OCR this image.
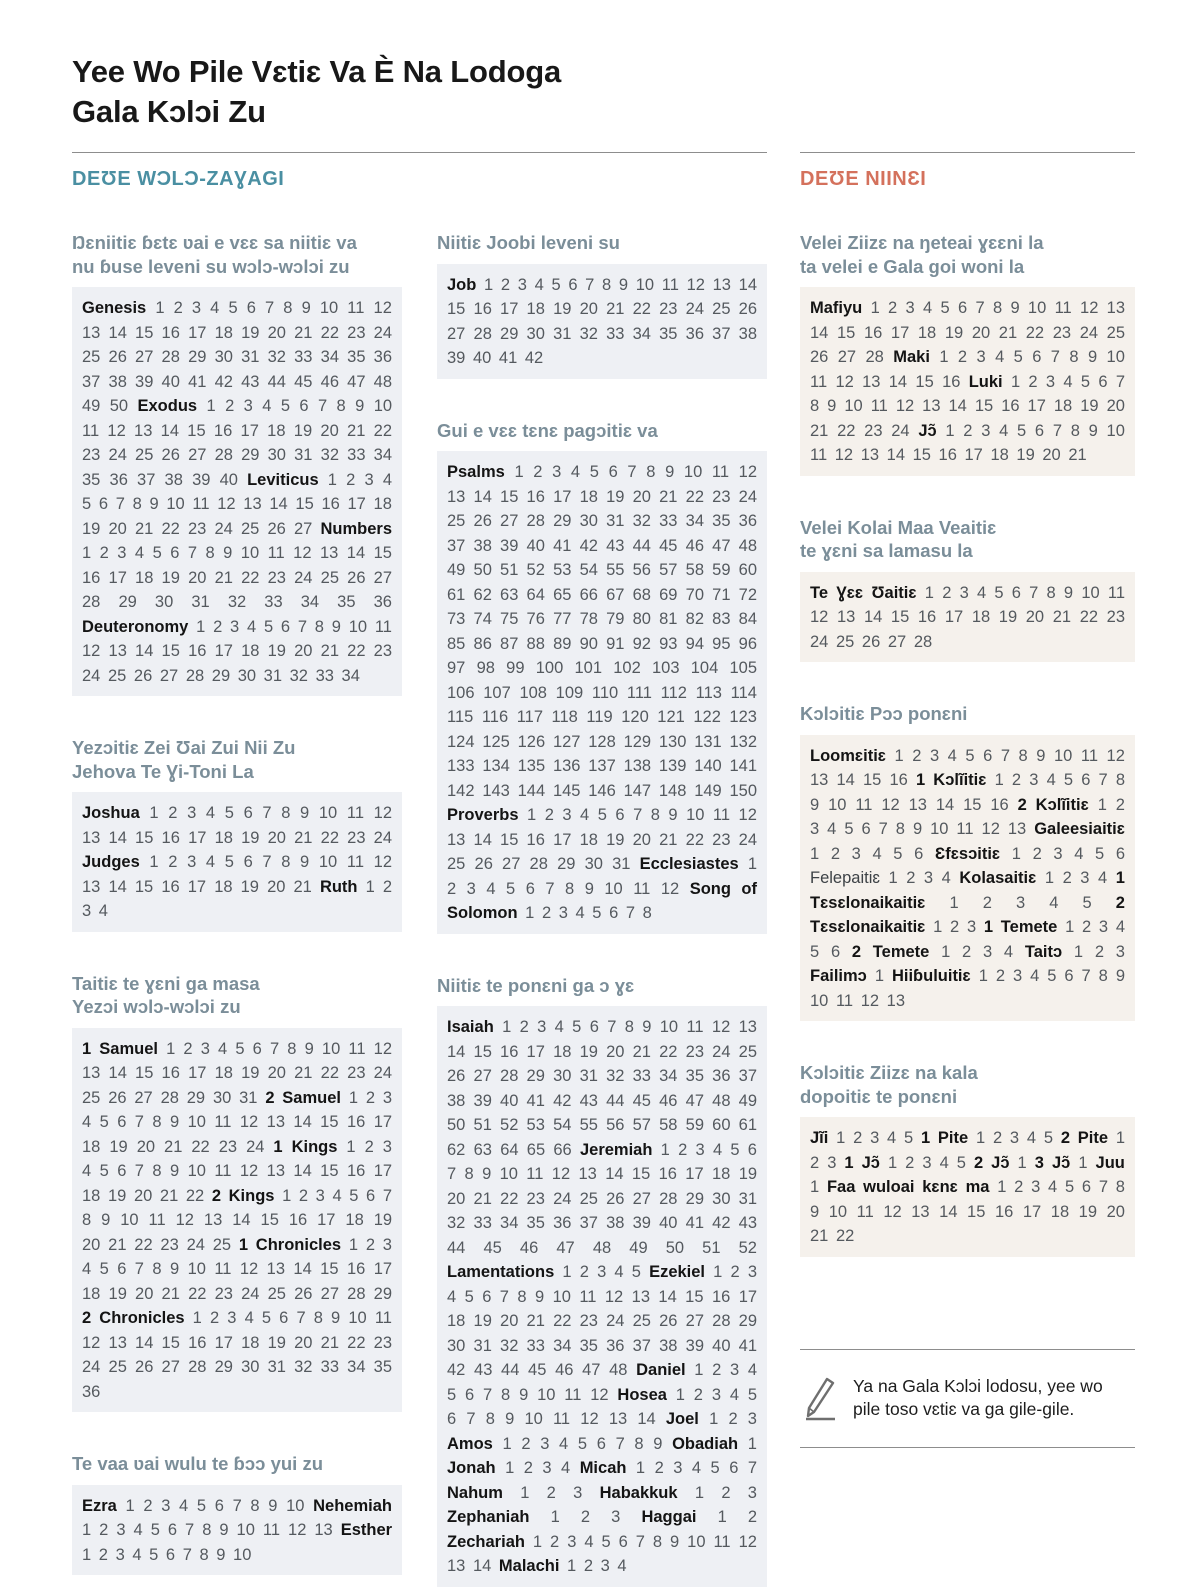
Yee Wo Pile Vɛtiɛ Va È Na Lodoga
Gala Kɔlɔi Zu
DEƱE WƆLƆ-ZAƔAGI
Ŋɛniitiɛ ɓɛtɛ ʋai e vɛɛ sa niitiɛ va
nu ɓuse leveni su wɔlɔ-wɔlɔi zu

Genesis 1 2 3 4 5 6 7 8 9 10 11 12 13 14 15 16 17 18 19 20 21 22 23 24 25 26 27 28 29 30 31 32 33 34 35 36 37 38 39 40 41 42 43 44 45 46 47 48 49 50 Exodus 1 2 3 4 5 6 7 8 9 10 11 12 13 14 15 16 17 18 19 20 21 22 23 24 25 26 27 28 29 30 31 32 33 34 35 36 37 38 39 40 Leviticus 1 2 3 4 5 6 7 8 9 10 11 12 13 14 15 16 17 18 19 20 21 22 23 24 25 26 27 Numbers 1 2 3 4 5 6 7 8 9 10 11 12 13 14 15 16 17 18 19 20 21 22 23 24 25 26 27 28 29 30 31 32 33 34 35 36 Deuteronomy 1 2 3 4 5 6 7 8 9 10 11 12 13 14 15 16 17 18 19 20 21 22 23 24 25 26 27 28 29 30 31 32 33 34

Yezɔitiɛ Zei Ʊai Zui Nii Zu
Jehova Te Ɣi-Toni La

Joshua 1 2 3 4 5 6 7 8 9 10 11 12 13 14 15 16 17 18 19 20 21 22 23 24 Judges 1 2 3 4 5 6 7 8 9 10 11 12 13 14 15 16 17 18 19 20 21 Ruth 1 2 3 4

Taitiɛ te ɣɛni ga masa
Yezɔi wɔlɔ-wɔlɔi zu

1 Samuel 1 2 3 4 5 6 7 8 9 10 11 12 13 14 15 16 17 18 19 20 21 22 23 24 25 26 27 28 29 30 31 2 Samuel 1 2 3 4 5 6 7 8 9 10 11 12 13 14 15 16 17 18 19 20 21 22 23 24 1 Kings 1 2 3 4 5 6 7 8 9 10 11 12 13 14 15 16 17 18 19 20 21 22 2 Kings 1 2 3 4 5 6 7 8 9 10 11 12 13 14 15 16 17 18 19 20 21 22 23 24 25 1 Chronicles 1 2 3 4 5 6 7 8 9 10 11 12 13 14 15 16 17 18 19 20 21 22 23 24 25 26 27 28 29 2 Chronicles 1 2 3 4 5 6 7 8 9 10 11 12 13 14 15 16 17 18 19 20 21 22 23 24 25 26 27 28 29 30 31 32 33 34 35 36

Te vaa ʋai wulu te ɓɔɔ yui zu

Ezra 1 2 3 4 5 6 7 8 9 10 Nehemiah 1 2 3 4 5 6 7 8 9 10 11 12 13 Esther 1 2 3 4 5 6 7 8 9 10

Niitiɛ Joobi leveni su

Job 1 2 3 4 5 6 7 8 9 10 11 12 13 14 15 16 17 18 19 20 21 22 23 24 25 26 27 28 29 30 31 32 33 34 35 36 37 38 39 40 41 42

Gui e vɛɛ tɛnɛ pagɔitiɛ va

Psalms 1 2 3 4 5 6 7 8 9 10 11 12 13 14 15 16 17 18 19 20 21 22 23 24 25 26 27 28 29 30 31 32 33 34 35 36 37 38 39 40 41 42 43 44 45 46 47 48 49 50 51 52 53 54 55 56 57 58 59 60 61 62 63 64 65 66 67 68 69 70 71 72 73 74 75 76 77 78 79 80 81 82 83 84 85 86 87 88 89 90 91 92 93 94 95 96 97 98 99 100 101 102 103 104 105 106 107 108 109 110 111 112 113 114 115 116 117 118 119 120 121 122 123 124 125 126 127 128 129 130 131 132 133 134 135 136 137 138 139 140 141 142 143 144 145 146 147 148 149 150 Proverbs 1 2 3 4 5 6 7 8 9 10 11 12 13 14 15 16 17 18 19 20 21 22 23 24 25 26 27 28 29 30 31 Ecclesiastes 1 2 3 4 5 6 7 8 9 10 11 12 Song of Solomon 1 2 3 4 5 6 7 8

Niitiɛ te ponɛni ga ɔ ɣɛ

Isaiah 1 2 3 4 5 6 7 8 9 10 11 12 13 14 15 16 17 18 19 20 21 22 23 24 25 26 27 28 29 30 31 32 33 34 35 36 37 38 39 40 41 42 43 44 45 46 47 48 49 50 51 52 53 54 55 56 57 58 59 60 61 62 63 64 65 66 Jeremiah 1 2 3 4 5 6 7 8 9 10 11 12 13 14 15 16 17 18 19 20 21 22 23 24 25 26 27 28 29 30 31 32 33 34 35 36 37 38 39 40 41 42 43 44 45 46 47 48 49 50 51 52 Lamentations 1 2 3 4 5 Ezekiel 1 2 3 4 5 6 7 8 9 10 11 12 13 14 15 16 17 18 19 20 21 22 23 24 25 26 27 28 29 30 31 32 33 34 35 36 37 38 39 40 41 42 43 44 45 46 47 48 Daniel 1 2 3 4 5 6 7 8 9 10 11 12 Hosea 1 2 3 4 5 6 7 8 9 10 11 12 13 14 Joel 1 2 3 Amos 1 2 3 4 5 6 7 8 9 Obadiah 1 Jonah 1 2 3 4 Micah 1 2 3 4 5 6 7 Nahum 1 2 3 Habakkuk 1 2 3 Zephaniah 1 2 3 Haggai 1 2 Zechariah 1 2 3 4 5 6 7 8 9 10 11 12 13 14 Malachi 1 2 3 4

DEƱE NIINƐI
Velei Ziizɛ na ŋeteai ɣɛɛni la
ta velei e Gala goi woni la

Mafiyu 1 2 3 4 5 6 7 8 9 10 11 12 13 14 15 16 17 18 19 20 21 22 23 24 25 26 27 28 Maki 1 2 3 4 5 6 7 8 9 10 11 12 13 14 15 16 Luki 1 2 3 4 5 6 7 8 9 10 11 12 13 14 15 16 17 18 19 20 21 22 23 24 Jɔ̃ 1 2 3 4 5 6 7 8 9 10 11 12 13 14 15 16 17 18 19 20 21

Velei Kolai Maa Veaitiɛ
te ɣɛni sa lamasu la

Te Ɣɛɛ Ʊaitiɛ 1 2 3 4 5 6 7 8 9 10 11 12 13 14 15 16 17 18 19 20 21 22 23 24 25 26 27 28

Kɔlɔitiɛ Pɔɔ ponɛni

Loomɛitiɛ 1 2 3 4 5 6 7 8 9 10 11 12 13 14 15 16 1 Kɔlĩitiɛ 1 2 3 4 5 6 7 8 9 10 11 12 13 14 15 16 2 Kɔlĩitiɛ 1 2 3 4 5 6 7 8 9 10 11 12 13 Galeesiaitiɛ 1 2 3 4 5 6 Ɛfɛsɔitiɛ 1 2 3 4 5 6 Felepaitiɛ 1 2 3 4 Kolasaitiɛ 1 2 3 4 1 Tɛsɛlonaikaitiɛ 1 2 3 4 5 2 Tɛsɛlonaikaitiɛ 1 2 3 1 Temete 1 2 3 4 5 6 2 Temete 1 2 3 4 Taitɔ 1 2 3 Failimɔ 1 Hiiɓuluitiɛ 1 2 3 4 5 6 7 8 9 10 11 12 13

Kɔlɔitiɛ Ziizɛ na kala
dopoitiɛ te ponɛni

Jĩi 1 2 3 4 5 1 Pite 1 2 3 4 5 2 Pite 1 2 3 1 Jɔ̃ 1 2 3 4 5 2 Jɔ̃ 1 3 Jɔ̃ 1 Juu 1 Faa wuloai kɛnɛ ma 1 2 3 4 5 6 7 8 9 10 11 12 13 14 15 16 17 18 19 20 21 22

Ya na Gala Kɔlɔi lodosu, yee wo pile toso vɛtiɛ va ga gile-gile.
